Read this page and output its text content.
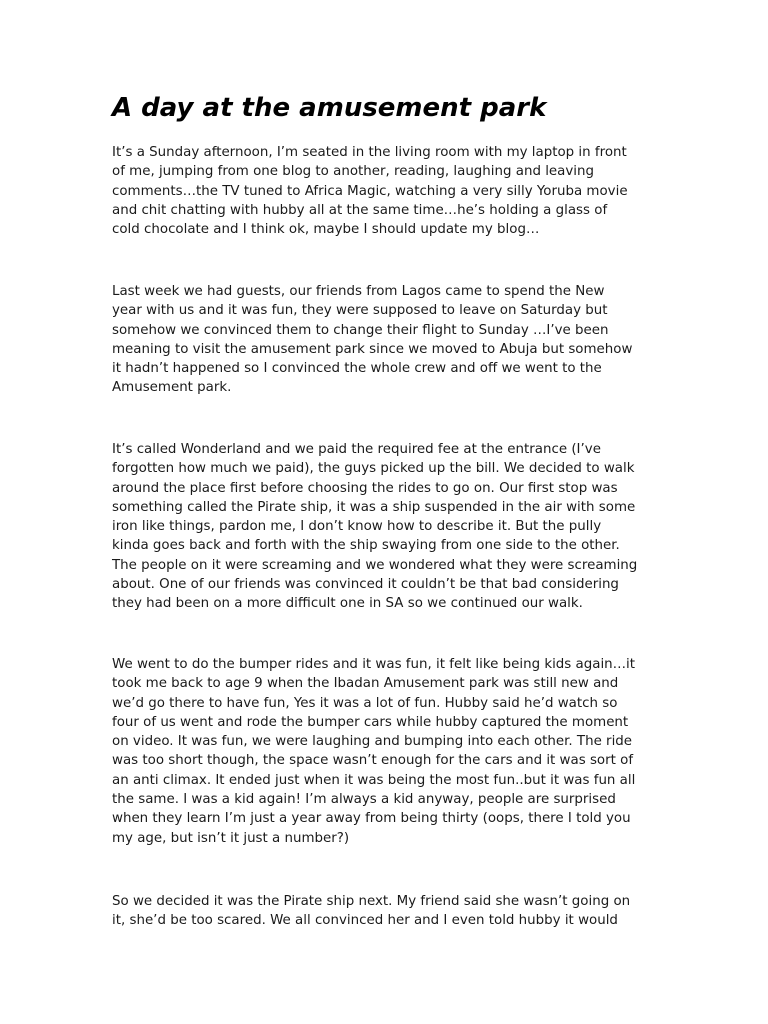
A day at the amusement park

It’s a Sunday afternoon, I’m seated in the living room with my laptop in front
of me, jumping from one blog to another, reading, laughing and leaving
comments…the TV tuned to Africa Magic, watching a very silly Yoruba movie
and chit chatting with hubby all at the same time…he’s holding a glass of
cold chocolate and I think ok, maybe I should update my blog…

Last week we had guests, our friends from Lagos came to spend the New
year with us and it was fun, they were supposed to leave on Saturday but
somehow we convinced them to change their flight to Sunday …I’ve been
meaning to visit the amusement park since we moved to Abuja but somehow
it hadn’t happened so I convinced the whole crew and off we went to the
Amusement park.

It’s called Wonderland and we paid the required fee at the entrance (I’ve
forgotten how much we paid), the guys picked up the bill. We decided to walk
around the place first before choosing the rides to go on. Our first stop was
something called the Pirate ship, it was a ship suspended in the air with some
iron like things, pardon me, I don’t know how to describe it. But the pully
kinda goes back and forth with the ship swaying from one side to the other.
The people on it were screaming and we wondered what they were screaming
about. One of our friends was convinced it couldn’t be that bad considering
they had been on a more difficult one in SA so we continued our walk.

We went to do the bumper rides and it was fun, it felt like being kids again…it
took me back to age 9 when the Ibadan Amusement park was still new and
we’d go there to have fun, Yes it was a lot of fun. Hubby said he’d watch so
four of us went and rode the bumper cars while hubby captured the moment
on video. It was fun, we were laughing and bumping into each other. The ride
was too short though, the space wasn’t enough for the cars and it was sort of
an anti climax. It ended just when it was being the most fun..but it was fun all
the same. I was a kid again! I’m always a kid anyway, people are surprised
when they learn I’m just a year away from being thirty (oops, there I told you
my age, but isn’t it just a number?)

So we decided it was the Pirate ship next. My friend said she wasn’t going on
it, she’d be too scared. We all convinced her and I even told hubby it would
